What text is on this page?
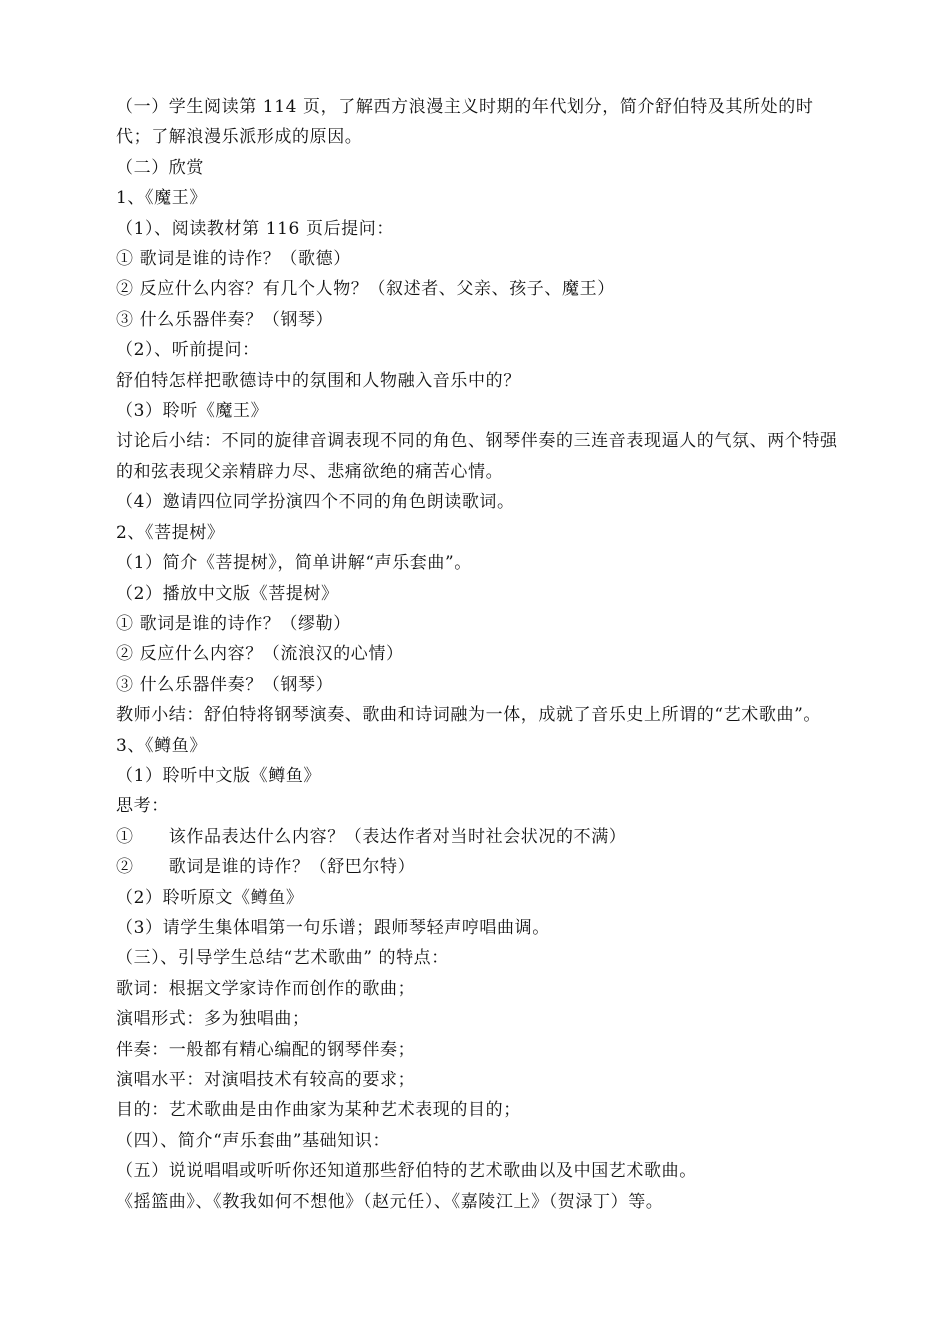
（一）学生阅读第 114 页，了解西方浪漫主义时期的年代划分，简介舒伯特及其所处的时代；了解浪漫乐派形成的原因。

（二）欣赏

1、《魔王》

（1）、阅读教材第 116 页后提问：

① 歌词是谁的诗作？（歌德）

② 反应什么内容？有几个人物？（叙述者、父亲、孩子、魔王）

③ 什么乐器伴奏？（钢琴）

（2）、听前提问：

舒伯特怎样把歌德诗中的氛围和人物融入音乐中的？

（3）聆听《魔王》

讨论后小结：不同的旋律音调表现不同的角色、钢琴伴奏的三连音表现逼人的气氛、两个特强的和弦表现父亲精辟力尽、悲痛欲绝的痛苦心情。

（4）邀请四位同学扮演四个不同的角色朗读歌词。

2、《菩提树》

（1）简介《菩提树》，简单讲解“声乐套曲”。

（2）播放中文版《菩提树》

① 歌词是谁的诗作？（缪勒）

② 反应什么内容？（流浪汉的心情）

③ 什么乐器伴奏？（钢琴）

教师小结：舒伯特将钢琴演奏、歌曲和诗词融为一体，成就了音乐史上所谓的“艺术歌曲”。

3、《鳟鱼》

（1）聆听中文版《鳟鱼》

思考：

①　　该作品表达什么内容？（表达作者对当时社会状况的不满）

②　　歌词是谁的诗作？（舒巴尔特）

（2）聆听原文《鳟鱼》

（3）请学生集体唱第一句乐谱；跟师琴轻声哼唱曲调。

（三）、引导学生总结“艺术歌曲” 的特点：

歌词：根据文学家诗作而创作的歌曲；

演唱形式：多为独唱曲；

伴奏：一般都有精心编配的钢琴伴奏；

演唱水平：对演唱技术有较高的要求；

目的：艺术歌曲是由作曲家为某种艺术表现的目的；

（四）、简介“声乐套曲”基础知识：

（五）说说唱唱或听听你还知道那些舒伯特的艺术歌曲以及中国艺术歌曲。

《摇篮曲》、《教我如何不想他》（赵元任）、《嘉陵江上》（贺渌丁）等。
